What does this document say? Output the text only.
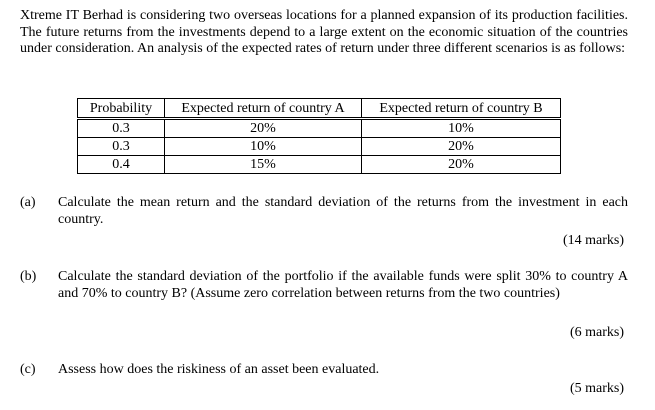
Xtreme IT Berhad is considering two overseas locations for a planned expansion of its production facilities. The future returns from the investments depend to a large extent on the economic situation of the countries under consideration. An analysis of the expected rates of return under three different scenarios is as follows:

Probability	Expected return of country A	Expected return of country B
0.3	20%	10%
0.3	10%	20%
0.4	15%	20%
(a) Calculate the mean return and the standard deviation of the returns from the investment in each country.
(14 marks)
(b) Calculate the standard deviation of the portfolio if the available funds were split 30% to country A and 70% to country B? (Assume zero correlation between returns from the two countries)
(6 marks)
(c) Assess how does the riskiness of an asset been evaluated.
(5 marks)
